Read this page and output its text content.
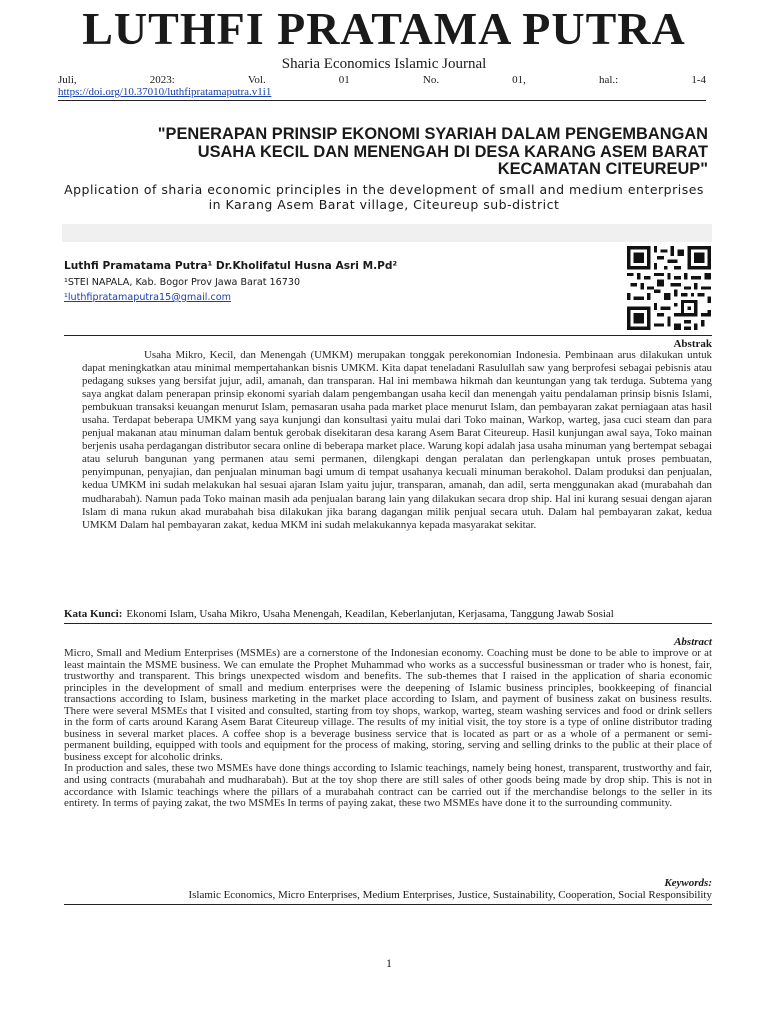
LUTHFI PRATAMA PUTRA
Sharia Economics Islamic Journal
Juli,	2023:	Vol.	01	No.	01,	hal.:	1-4
https://doi.org/10.37010/luthfipratamaputra.v1i1
"PENERAPAN PRINSIP EKONOMI SYARIAH DALAM PENGEMBANGAN USAHA KECIL DAN MENENGAH DI DESA KARANG ASEM BARAT KECAMATAN CITEUREUP"
Application of sharia economic principles in the development of small and medium enterprises in Karang Asem Barat village, Citeureup sub-district
Luthfi Pramatama Putra¹ Dr.Kholifatul Husna Asri M.Pd²
¹STEI NAPALA, Kab. Bogor Prov Jawa Barat 16730
¹luthfipratamaputra15@gmail.com
Abstrak

Usaha Mikro, Kecil, dan Menengah (UMKM) merupakan tonggak perekonomian Indonesia. Pembinaan arus dilakukan untuk dapat meningkatkan atau minimal mempertahankan bisnis UMKM. Kita dapat teneladani Rasulullah saw yang berprofesi sebagai pebisnis atau pedagang sukses yang bersifat jujur, adil, amanah, dan transparan. Hal ini membawa hikmah dan keuntungan yang tak terduga. Subtema yang saya angkat dalam penerapan prinsip ekonomi syariah dalam pengembangan usaha kecil dan menengah yaitu pendalaman prinsip bisnis Islami, pembukuan transaksi keuangan menurut Islam, pemasaran usaha pada market place menurut Islam, dan pembayaran zakat perniagaan atas hasil usaha. Terdapat beberapa UMKM yang saya kunjungi dan konsultasi yaitu mulai dari Toko mainan, Warkop, warteg, jasa cuci steam dan para penjual makanan atau minuman dalam bentuk gerobak disekitaran desa karang Asem Barat Citeureup. Hasil kunjungan awal saya, Toko mainan berjenis usaha perdagangan distributor secara online di beberapa market place. Warung kopi adalah jasa usaha minuman yang bertempat sebagai atau seluruh bangunan yang permanen atau semi permanen, dilengkapi dengan peralatan dan perlengkapan untuk proses pembuatan, penyimpunan, penyajian, dan penjualan minuman bagi umum di tempat usahanya kecuali minuman berakohol. Dalam produksi dan penjualan, kedua UMKM ini sudah melakukan hal sesuai ajaran Islam yaitu jujur, transparan, amanah, dan adil, serta menggunakan akad (murabahah dan mudharabah). Namun pada Toko mainan masih ada penjualan barang lain yang dilakukan secara drop ship. Hal ini kurang sesuai dengan ajaran Islam di mana rukun akad murabahah bisa dilakukan jika barang dagangan milik penjual secara utuh. Dalam hal pembayaran zakat, kedua UMKM Dalam hal pembayaran zakat, kedua MKM ini sudah melakukannya kepada masyarakat sekitar.

Kata Kunci: Ekonomi Islam, Usaha Mikro, Usaha Menengah, Keadilan, Keberlanjutan, Kerjasama, Tanggung Jawab Sosial
Abstract

Micro, Small and Medium Enterprises (MSMEs) are a cornerstone of the Indonesian economy. Coaching must be done to be able to improve or at least maintain the MSME business. We can emulate the Prophet Muhammad who works as a successful businessman or trader who is honest, fair, trustworthy and transparent. This brings unexpected wisdom and benefits. The sub-themes that I raised in the application of sharia economic principles in the development of small and medium enterprises were the deepening of Islamic business principles, bookkeeping of financial transactions according to Islam, business marketing in the market place according to Islam, and payment of business zakat on business results. There were several MSMEs that I visited and consulted, starting from toy shops, warkop, warteg, steam washing services and food or drink sellers in the form of carts around Karang Asem Barat Citeureup village. The results of my initial visit, the toy store is a type of online distributor trading business in several market places. A coffee shop is a beverage business service that is located as part or as a whole of a permanent or semi-permanent building, equipped with tools and equipment for the process of making, storing, serving and selling drinks to the public at their place of business except for alcoholic drinks.

In production and sales, these two MSMEs have done things according to Islamic teachings, namely being honest, transparent, trustworthy and fair, and using contracts (murabahah and mudharabah). But at the toy shop there are still sales of other goods being made by drop ship. This is not in accordance with Islamic teachings where the pillars of a murabahah contract can be carried out if the merchandise belongs to the seller in its entirety. In terms of paying zakat, the two MSMEs In terms of paying zakat, these two MSMEs have done it to the surrounding community.

Keywords:
Islamic Economics, Micro Enterprises, Medium Enterprises, Justice, Sustainability, Cooperation, Social Responsibility
1
